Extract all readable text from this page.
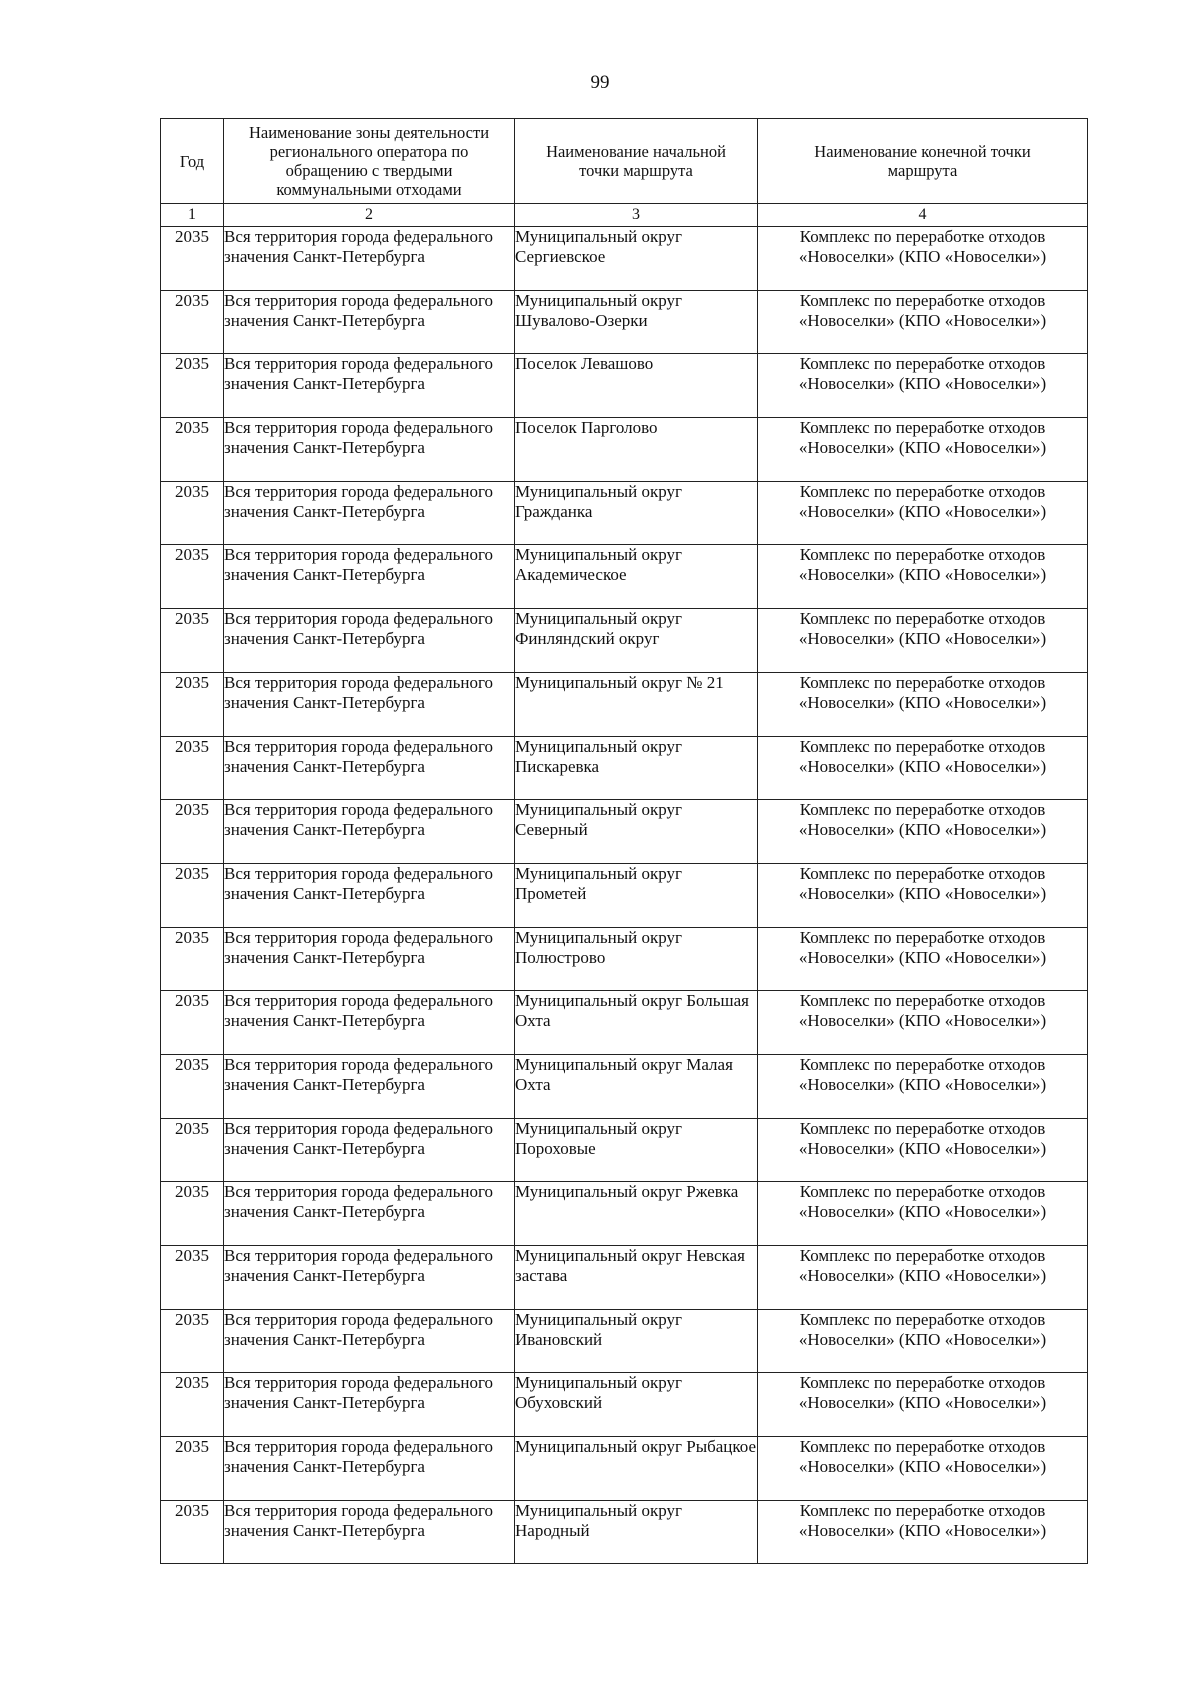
99
Год	Наименование зоны деятельности регионального оператора по обращению с твердыми коммунальными отходами	Наименование начальной точки маршрута	Наименование конечной точки маршрута
1	2	3	4
2035	Вся территория города федерального значения Санкт-Петербурга	Муниципальный округ Сергиевское	Комплекс по переработке отходов «Новоселки» (КПО «Новоселки»)
2035	Вся территория города федерального значения Санкт-Петербурга	Муниципальный округ Шувалово-Озерки	Комплекс по переработке отходов «Новоселки» (КПО «Новоселки»)
2035	Вся территория города федерального значения Санкт-Петербурга	Поселок Левашово	Комплекс по переработке отходов «Новоселки» (КПО «Новоселки»)
2035	Вся территория города федерального значения Санкт-Петербурга	Поселок Парголово	Комплекс по переработке отходов «Новоселки» (КПО «Новоселки»)
2035	Вся территория города федерального значения Санкт-Петербурга	Муниципальный округ Гражданка	Комплекс по переработке отходов «Новоселки» (КПО «Новоселки»)
2035	Вся территория города федерального значения Санкт-Петербурга	Муниципальный округ Академическое	Комплекс по переработке отходов «Новоселки» (КПО «Новоселки»)
2035	Вся территория города федерального значения Санкт-Петербурга	Муниципальный округ Финляндский округ	Комплекс по переработке отходов «Новоселки» (КПО «Новоселки»)
2035	Вся территория города федерального значения Санкт-Петербурга	Муниципальный округ № 21	Комплекс по переработке отходов «Новоселки» (КПО «Новоселки»)
2035	Вся территория города федерального значения Санкт-Петербурга	Муниципальный округ Пискаревка	Комплекс по переработке отходов «Новоселки» (КПО «Новоселки»)
2035	Вся территория города федерального значения Санкт-Петербурга	Муниципальный округ Северный	Комплекс по переработке отходов «Новоселки» (КПО «Новоселки»)
2035	Вся территория города федерального значения Санкт-Петербурга	Муниципальный округ Прометей	Комплекс по переработке отходов «Новоселки» (КПО «Новоселки»)
2035	Вся территория города федерального значения Санкт-Петербурга	Муниципальный округ Полюстрово	Комплекс по переработке отходов «Новоселки» (КПО «Новоселки»)
2035	Вся территория города федерального значения Санкт-Петербурга	Муниципальный округ Большая Охта	Комплекс по переработке отходов «Новоселки» (КПО «Новоселки»)
2035	Вся территория города федерального значения Санкт-Петербурга	Муниципальный округ Малая Охта	Комплекс по переработке отходов «Новоселки» (КПО «Новоселки»)
2035	Вся территория города федерального значения Санкт-Петербурга	Муниципальный округ Пороховые	Комплекс по переработке отходов «Новоселки» (КПО «Новоселки»)
2035	Вся территория города федерального значения Санкт-Петербурга	Муниципальный округ Ржевка	Комплекс по переработке отходов «Новоселки» (КПО «Новоселки»)
2035	Вся территория города федерального значения Санкт-Петербурга	Муниципальный округ Невская застава	Комплекс по переработке отходов «Новоселки» (КПО «Новоселки»)
2035	Вся территория города федерального значения Санкт-Петербурга	Муниципальный округ Ивановский	Комплекс по переработке отходов «Новоселки» (КПО «Новоселки»)
2035	Вся территория города федерального значения Санкт-Петербурга	Муниципальный округ Обуховский	Комплекс по переработке отходов «Новоселки» (КПО «Новоселки»)
2035	Вся территория города федерального значения Санкт-Петербурга	Муниципальный округ Рыбацкое	Комплекс по переработке отходов «Новоселки» (КПО «Новоселки»)
2035	Вся территория города федерального значения Санкт-Петербурга	Муниципальный округ Народный	Комплекс по переработке отходов «Новоселки» (КПО «Новоселки»)
